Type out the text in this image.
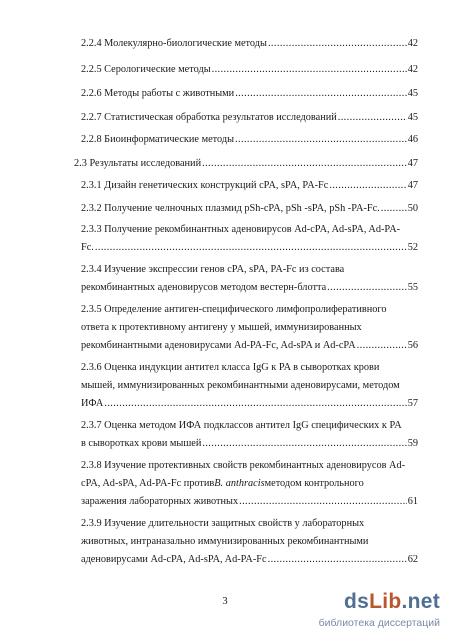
2.2.4 Молекулярно-биологические методы .....	42
2.2.5 Серологические методы .....	42
2.2.6 Методы работы с животными .....	45
2.2.7 Статистическая обработка результатов исследований .....	45
2.2.8 Биоинформатические методы .....	46
2.3 Результаты исследований .....	47
2.3.1 Дизайн генетических конструкций cPA, sPA, PA-Fc .....	47
2.3.2 Получение челночных плазмид pSh-cPA, pSh -sPA, pSh -PA-Fc. .....	50
2.3.3 Получение рекомбинантных аденовирусов Ad-cPA, Ad-sPA, Ad-PA-
Fc. .....	52
2.3.4 Изучение экспрессии генов cPA, sPA, PA-Fc из состава
рекомбинантных аденовирусов методом вестерн-блотта .....	55
2.3.5 Определение антиген-специфического лимфопролиферативного
ответа к протективному антигену у мышей, иммунизированных
рекомбинантными аденовирусами Ad-PA-Fc, Ad-sPA и Ad-cPA .....	56
2.3.6 Оценка индукции антител класса IgG к PA в сыворотках крови
мышей, иммунизированных рекомбинантными аденовирусами, методом
ИФА .....	57
2.3.7 Оценка методом ИФА подклассов антител IgG специфических к PA
в сыворотках крови мышей .....	59
2.3.8 Изучение протективных свойств рекомбинантных аденовирусов Ad-
cPA, Ad-sPA, Ad-PA-Fc против B. anthracis методом контрольного
заражения лабораторных животных .....	61
2.3.9 Изучение длительности защитных свойств у лабораторных
животных, интраназально иммунизированных рекомбинантными
аденовирусами Ad-cPA, Ad-sPA, Ad-PA-Fc .....	62
3	dsLib.net
библиотека диссертаций
